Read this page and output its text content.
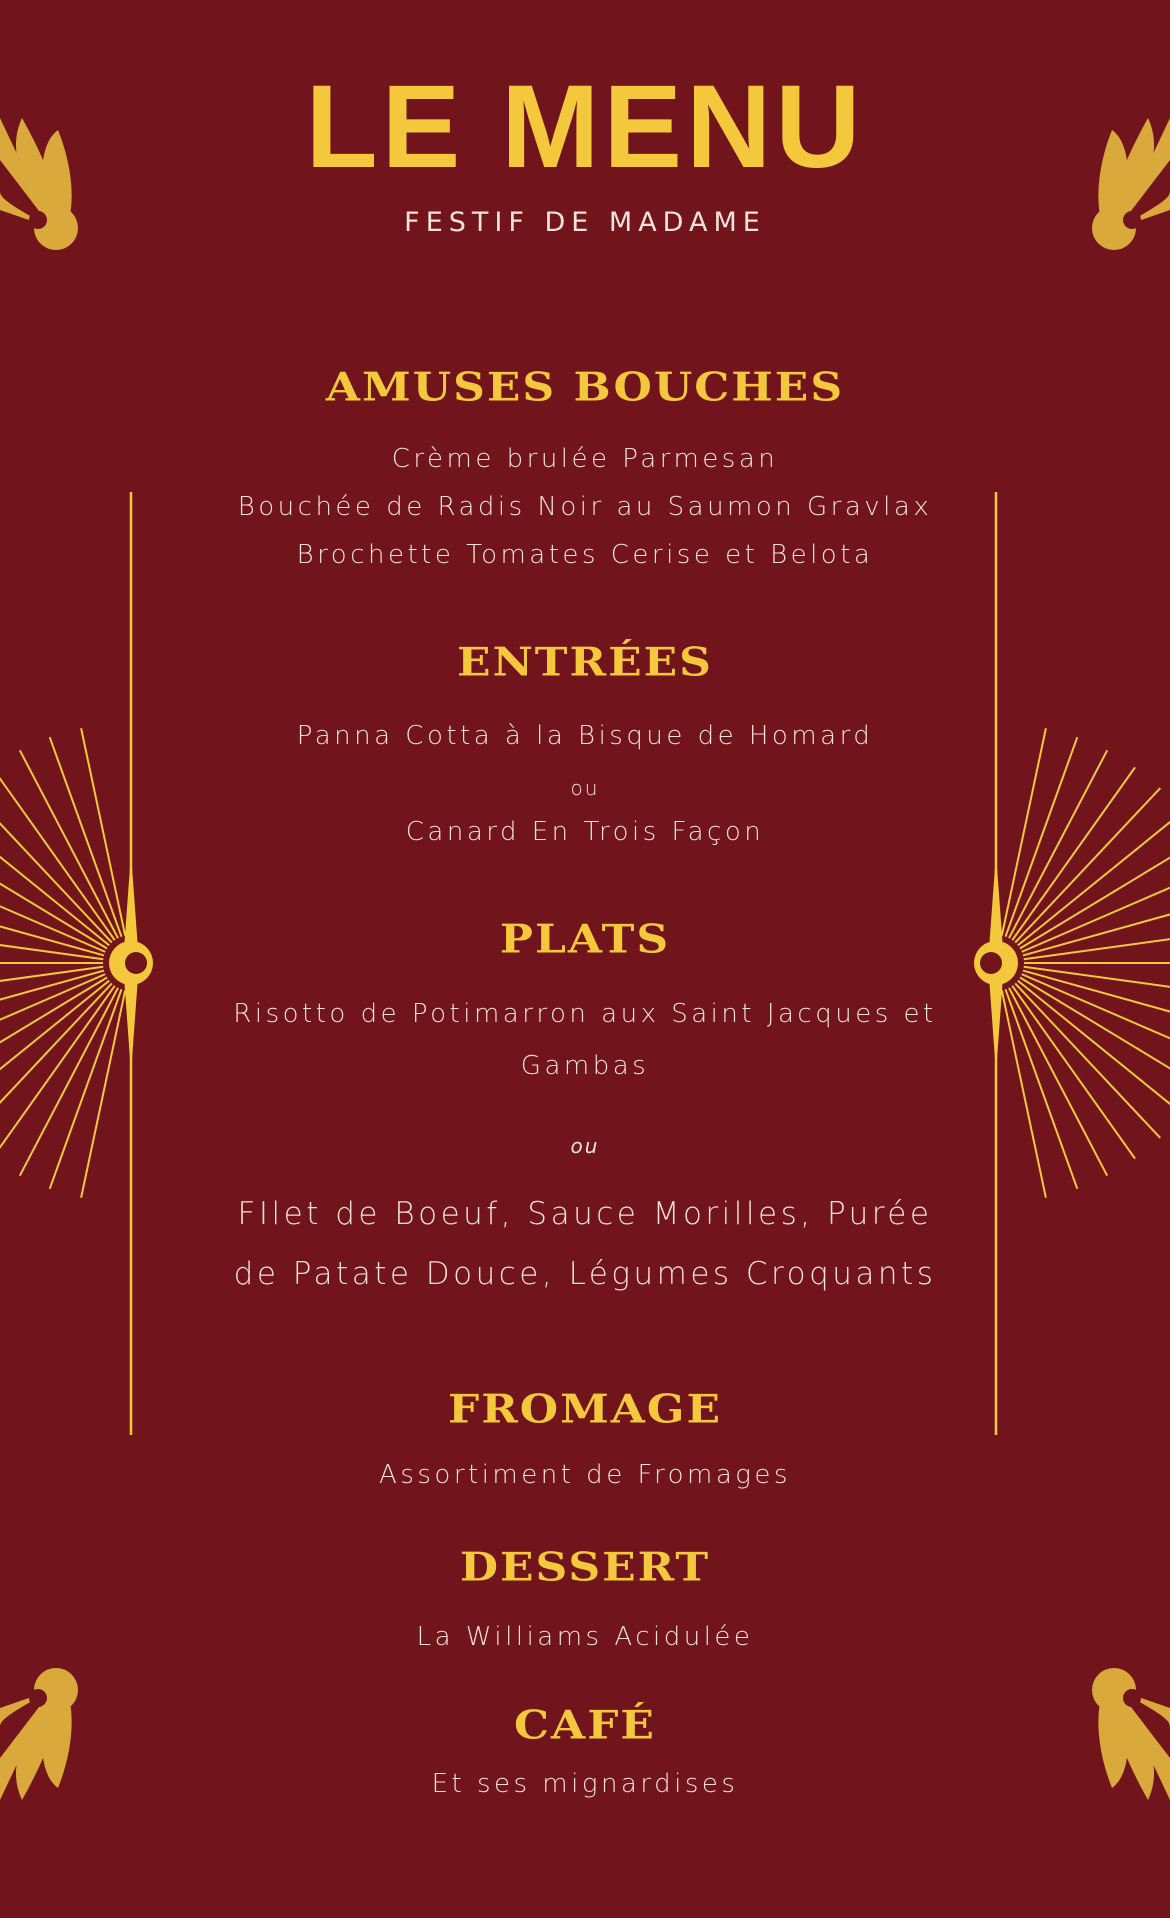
LE MENU
FESTIF DE MADAME
AMUSES BOUCHES
Crème brulée Parmesan
Bouchée de Radis Noir au Saumon Gravlax
Brochette Tomates Cerise et Belota
ENTRÉES
Panna Cotta à la Bisque de Homard
ou
Canard En Trois Façon
PLATS
Risotto de Potimarron aux Saint Jacques et
Gambas
ou
FIlet de Boeuf, Sauce Morilles, Purée
de Patate Douce, Légumes Croquants
FROMAGE
Assortiment de Fromages
DESSERT
La Williams Acidulée
CAFÉ
Et ses mignardises
